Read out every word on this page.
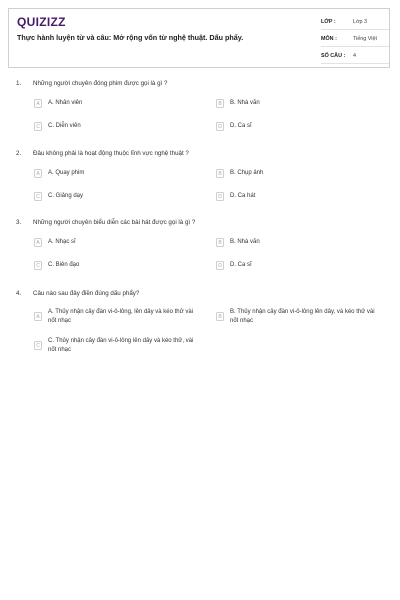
QUIZIZZ
Thực hành luyện từ và câu: Mở rộng vốn từ nghệ thuật. Dấu phẩy.
LỚP :	Lớp 3
MÔN :	Tiếng Việt
SỐ CÂU :	4
1.	Những người chuyên đóng phim được gọi là gì ?
A	A. Nhân viên	B	B. Nhà văn
C	C. Diễn viên	D	D. Ca sĩ
2.	Đâu không phải là hoạt động thuộc lĩnh vực nghệ thuật ?
A	A. Quay phim	B	B. Chụp ảnh
C	C. Giảng dạy	D	D. Ca hát
3.	Những người chuyên biểu diễn các bài hát được gọi là gì ?
A	A. Nhạc sĩ	B	B. Nhà văn
C	C. Biên đạo	D	D. Ca sĩ
4.	Câu nào sau đây điền đúng dấu phẩy?
A
A. Thủy nhận cây đàn vi-ô-lông, lên dây và kéo thử vài nốt nhạc
B
B. Thủy nhận cây đàn vi-ô-lông lên dây, và kéo thử vài nốt nhạc
C
C. Thủy nhận cây đàn vi-ô-lông lên dây và kéo thử, vài nốt nhạc
